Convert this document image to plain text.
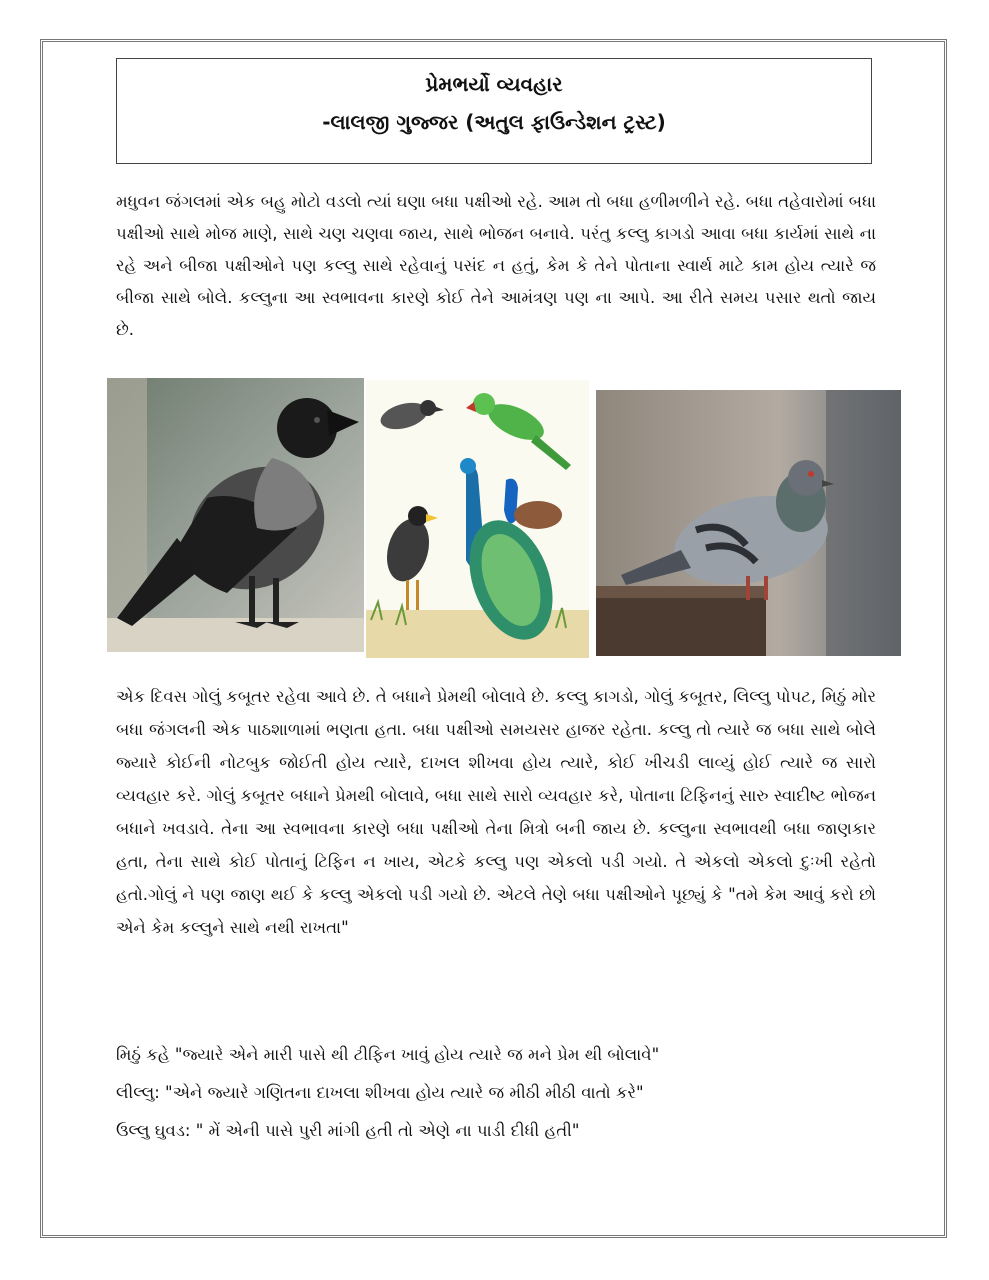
પ્રેમભર્યો વ્યવહાર
-લાલજી ગુજ્જર (અતુલ ફાઉન્ડેશન ટ્રસ્ટ)

મધુવન જંગલમાં એક બહુ મોટો વડલો ત્યાં ઘણા બધા પક્ષીઓ રહે. આમ તો બધા હળીમળીને રહે. બધા તહેવારોમાં બધા પક્ષીઓ સાથે મોજ માણે, સાથે ચણ ચણવા જાય, સાથે ભોજન બનાવે. પરંતુ કલ્લુ કાગડો આવા બધા કાર્યમાં સાથે ના રહે અને બીજા પક્ષીઓને પણ કલ્લુ સાથે રહેવાનું પસંદ ન હતું, કેમ કે તેને પોતાના સ્વાર્થ માટે કામ હોય ત્યારે જ બીજા સાથે બોલે. કલ્લુના આ સ્વભાવના કારણે કોઈ તેને આમંત્રણ પણ ના આપે. આ રીતે સમય પસાર થતો જાય છે.

એક દિવસ ગોલું કબૂતર રહેવા આવે છે. તે બધાને પ્રેમથી બોલાવે છે. કલ્લુ કાગડો, ગોલું કબૂતર, લિલ્લુ પોપટ, મિઠું મોર બધા જંગલની એક પાઠશાળામાં ભણતા હતા. બધા પક્ષીઓ સમયસર હાજર રહેતા. કલ્લુ તો ત્યારે જ બધા સાથે બોલે જ્યારે કોઈની નોટબુક જોઈતી હોય ત્યારે, દાખલ શીખવા હોય ત્યારે, કોઈ ખીચડી લાવ્યું હોઈ ત્યારે જ સારો વ્યવહાર કરે. ગોલું કબૂતર બધાને પ્રેમથી બોલાવે, બધા સાથે સારો વ્યવહાર કરે, પોતાના ટિફિનનું સારુ સ્વાદીષ્ટ ભોજન બધાને ખવડાવે. તેના આ સ્વભાવના કારણે બધા પક્ષીઓ તેના મિત્રો બની જાય છે. કલ્લુના સ્વભાવથી બધા જાણકાર હતા, તેના સાથે કોઈ પોતાનું ટિફિન ન ખાય, એટકે કલ્લુ પણ એકલો પડી ગયો. તે એકલો એકલો દુઃખી રહેતો હતો.ગોલું ને પણ જાણ થઈ કે કલ્લુ એકલો પડી ગયો છે. એટલે તેણે બધા પક્ષીઓને પૂછ્યું કે "તમે કેમ આવું કરો છો એને કેમ કલ્લુને સાથે નથી રાખતા"

મિઠું કહે "જ્યારે એને મારી પાસે થી ટીફિન ખાવું હોય ત્યારે જ મને પ્રેમ થી બોલાવે"

લીલ્લુ: "એને જ્યારે ગણિતના દાખલા શીખવા હોય ત્યારે જ મીઠી મીઠી વાતો કરે"

ઉલ્લુ ઘુવડ: " મેં એની પાસે પુરી માંગી હતી તો એણે ના પાડી દીધી હતી"
